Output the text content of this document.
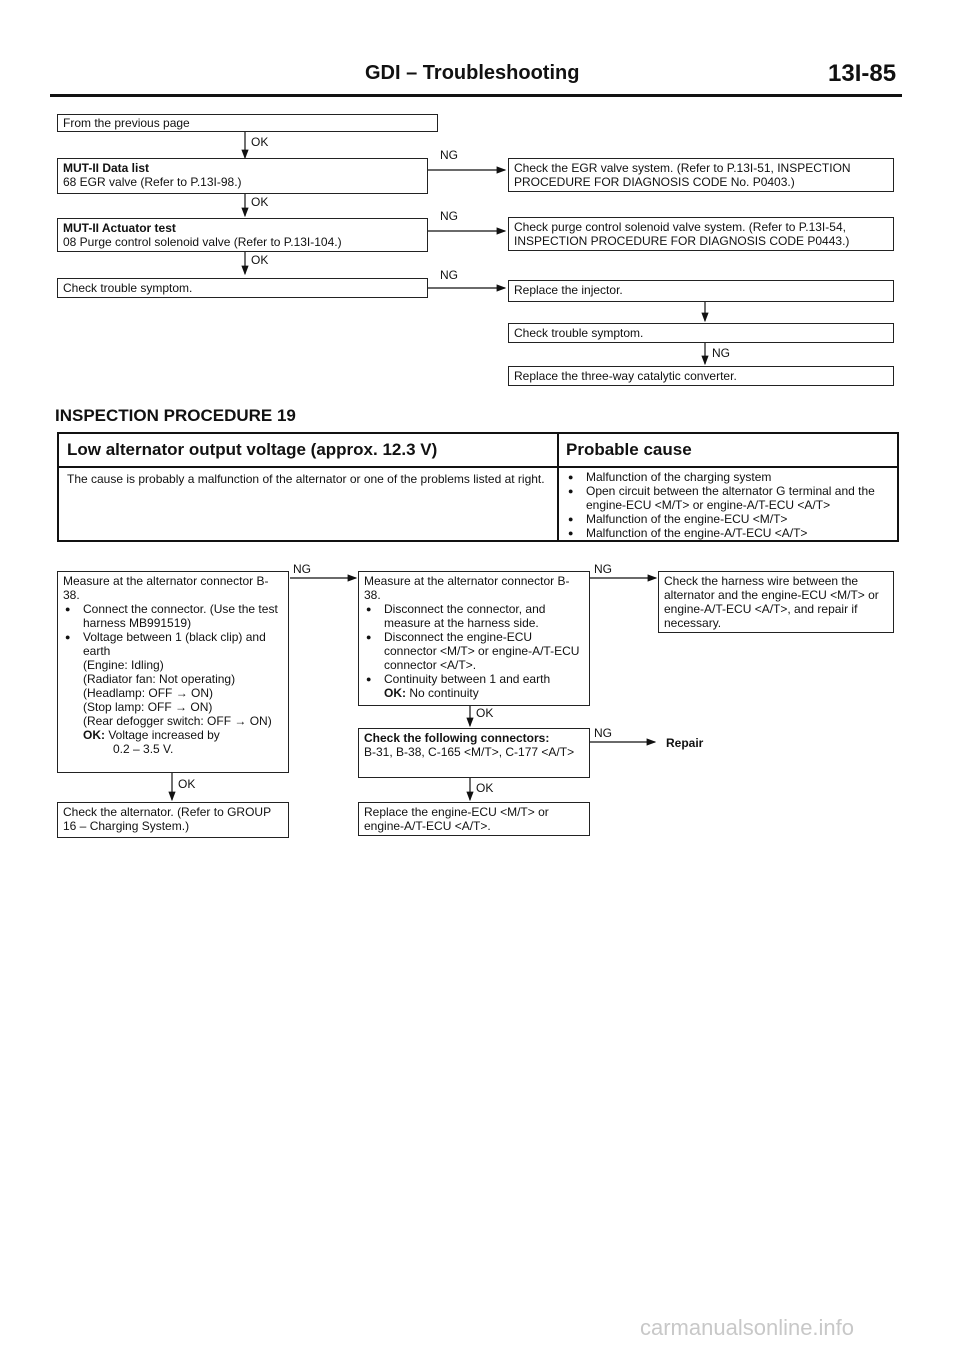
GDI – Troubleshooting	13I-85
From the previous page
MUT-II Data list
68 EGR valve (Refer to P.13I-98.)
Check the EGR valve system. (Refer to P.13I-51, INSPECTION PROCEDURE FOR DIAGNOSIS CODE No. P0403.)
MUT-II Actuator test
08 Purge control solenoid valve (Refer to P.13I-104.)
Check purge control solenoid valve system. (Refer to P.13I-54, INSPECTION PROCEDURE FOR DIAGNOSIS CODE P0443.)
Check trouble symptom.	Replace the injector.
Check trouble symptom.
Replace the three-way catalytic converter.
OK
OK
OK
NG
NG
NG
NG
INSPECTION PROCEDURE 19
Low alternator output voltage (approx. 12.3 V)	Probable cause
The cause is probably a malfunction of the alternator or one of the problems listed at right.
●	Malfunction of the charging system
● Open circuit between the alternator G terminal and the engine-ECU <M/T> or engine-A/T-ECU <A/T>
● Malfunction of the engine-ECU <M/T>
● Malfunction of the engine-A/T-ECU <A/T>
Measure at the alternator connector B-38.
● Connect the connector. (Use the test harness MB991519)
● Voltage between 1 (black clip) and earth
(Engine: Idling)
(Radiator fan: Not operating)
(Headlamp: OFF → ON)
(Stop lamp: OFF → ON)
(Rear defogger switch: OFF → ON)
OK: Voltage increased by
0.2 – 3.5 V.
Measure at the alternator connector B-38.
● Disconnect the connector, and measure at the harness side.
● Disconnect the engine-ECU connector <M/T> or engine-A/T-ECU connector <A/T>.
● Continuity between 1 and earth
OK: No continuity
Check the harness wire between the alternator and the engine-ECU <M/T> or engine-A/T-ECU <A/T>, and repair if necessary.
Check the following connectors:
B-31, B-38, C-165 <M/T>, C-177 <A/T>
Repair
Check the alternator. (Refer to GROUP 16 – Charging System.)
Replace the engine-ECU <M/T> or engine-A/T-ECU <A/T>.
NG	NG
NG
OK
OK
OK
carmanualsonline.info
